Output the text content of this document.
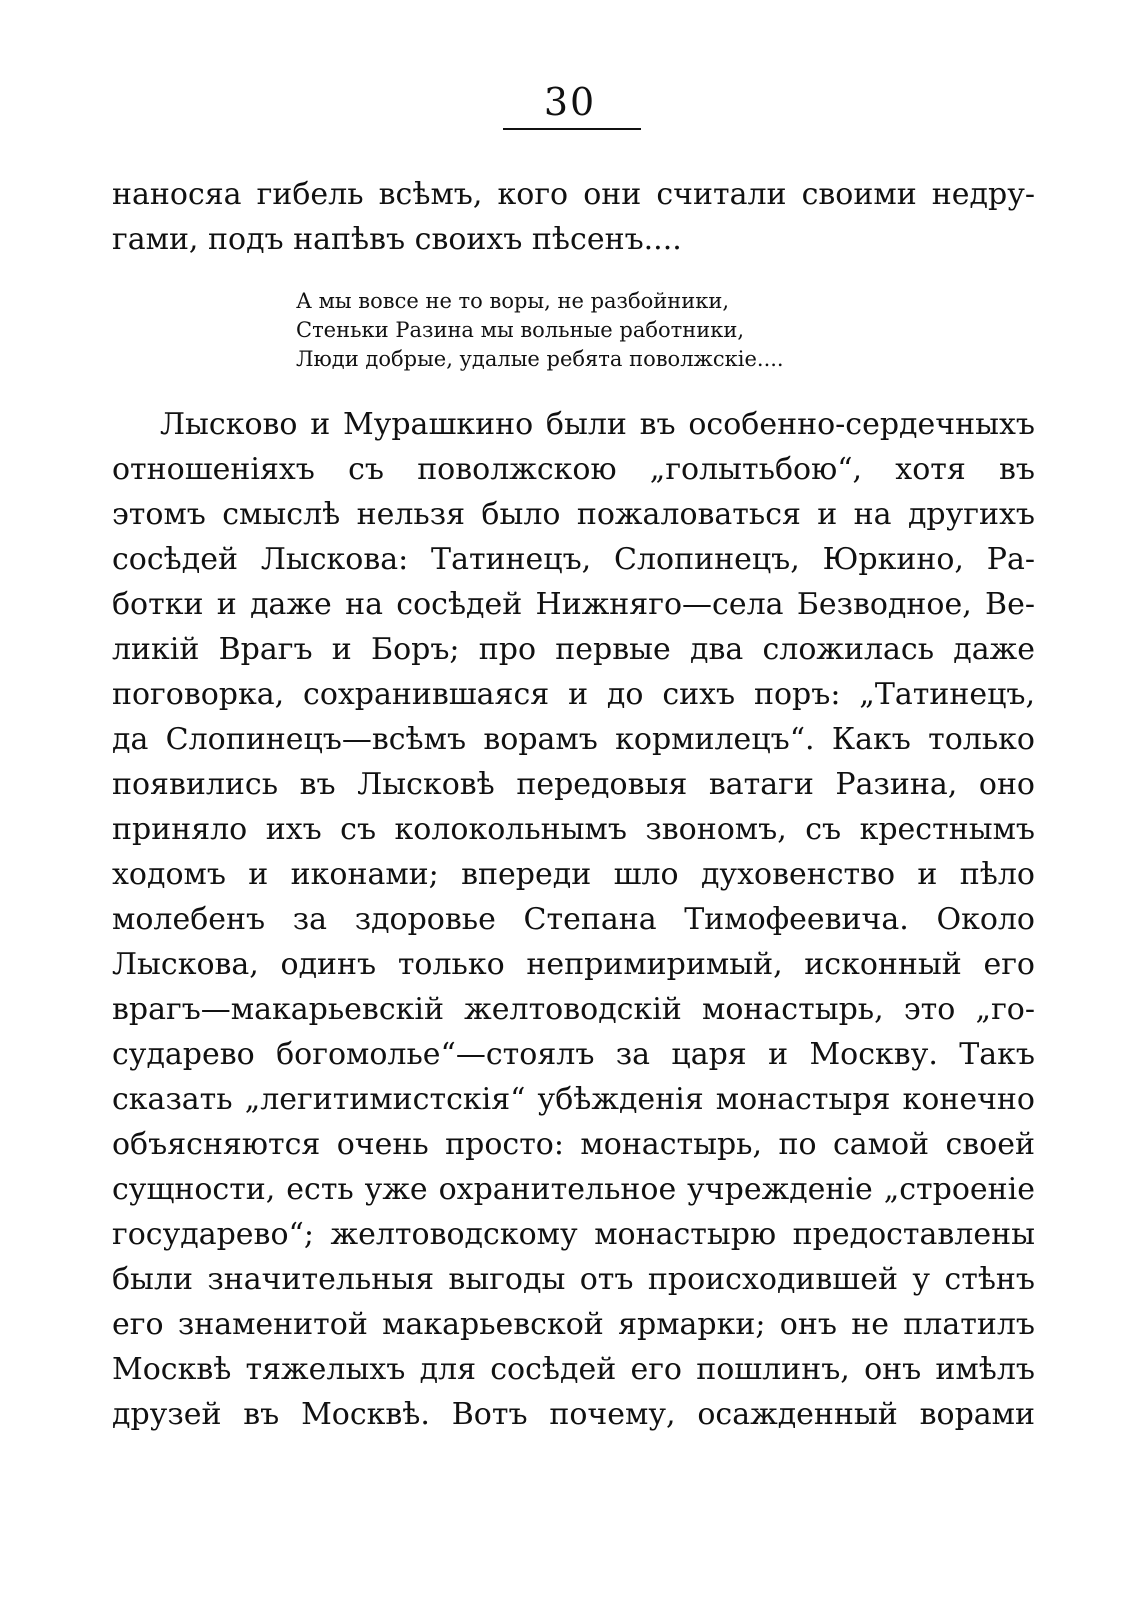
30
наносяа гибель всѣмъ, кого они считали своими недру-
гами, подъ напѣвъ своихъ пѣсенъ....
А мы вовсе не то воры, не разбойники,
Стеньки Разина мы вольные работники,
Люди добрые, удалые ребята поволжскіе....
Лысково и Мурашкино были въ особенно-сердечныхъ
отношеніяхъ съ поволжскою „голытьбою“, хотя въ
этомъ смыслѣ нельзя было пожаловаться и на другихъ
сосѣдей Лыскова: Татинецъ, Слопинецъ, Юркино, Ра-
ботки и даже на сосѣдей Нижняго—села Безводное, Ве-
ликій Врагъ и Боръ; про первые два сложилась даже
поговорка, сохранившаяся и до сихъ поръ: „Татинецъ,
да Слопинецъ—всѣмъ ворамъ кормилецъ“. Какъ только
появились въ Лысковѣ передовыя ватаги Разина, оно
приняло ихъ съ колокольнымъ звономъ, съ крестнымъ
ходомъ и иконами; впереди шло духовенство и пѣло
молебенъ за здоровье Степана Тимофеевича. Около
Лыскова, одинъ только непримиримый, исконный его
врагъ—макарьевскій желтоводскій монастырь, это „го-
сударево богомолье“—стоялъ за царя и Москву. Такъ
сказать „легитимистскія“ убѣжденія монастыря конечно
объясняются очень просто: монастырь, по самой своей
сущности, есть уже охранительное учрежденіе „строеніе
государево“; желтоводскому монастырю предоставлены
были значительныя выгоды отъ происходившей у стѣнъ
его знаменитой макарьевской ярмарки; онъ не платилъ
Москвѣ тяжелыхъ для сосѣдей его пошлинъ, онъ имѣлъ
друзей въ Москвѣ. Вотъ почему, осажденный ворами
